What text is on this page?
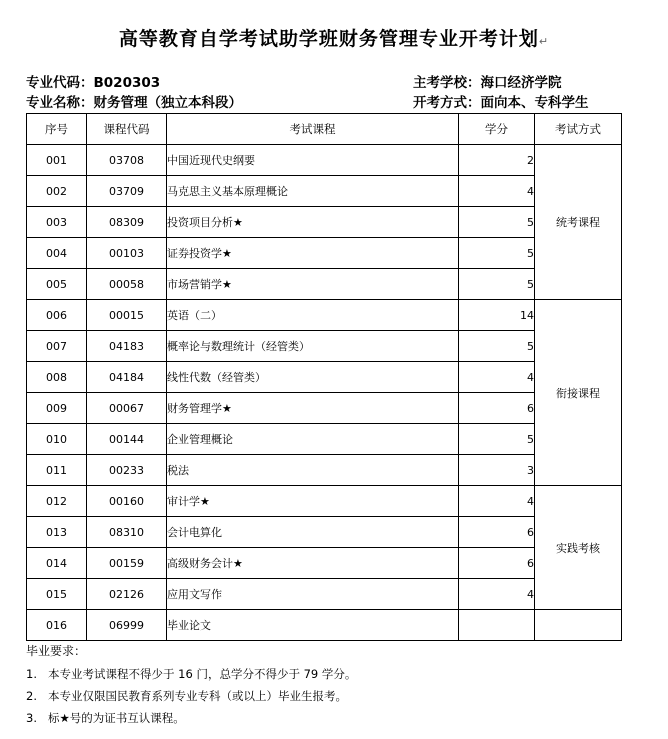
高等教育自学考试助学班财务管理专业开考计划↵
专业代码：B020303
专业名称：财务管理（独立本科段）
主考学校：海口经济学院
开考方式：面向本、专科学生
序号	课程代码	考试课程	学分	考试方式
001	03708	中国近现代史纲要	2	统考课程
002	03709	马克思主义基本原理概论	4	
003	08309	投资项目分析★	5	
004	00103	证券投资学★	5	
005	00058	市场营销学★	5	
006	00015	英语（二）	14	衔接课程
007	04183	概率论与数理统计（经管类）	5	
008	04184	线性代数（经管类）	4	
009	00067	财务管理学★	6	
010	00144	企业管理概论	5	
011	00233	税法	3	
012	00160	审计学★	4	实践考核
013	08310	会计电算化	6	
014	00159	高级财务会计★	6	
015	02126	应用文写作	4	
016	06999	毕业论文		
毕业要求：
1. 本专业考试课程不得少于 16 门，总学分不得少于 79 学分。
2. 本专业仅限国民教育系列专业专科（或以上）毕业生报考。
3. 标★号的为证书互认课程。
